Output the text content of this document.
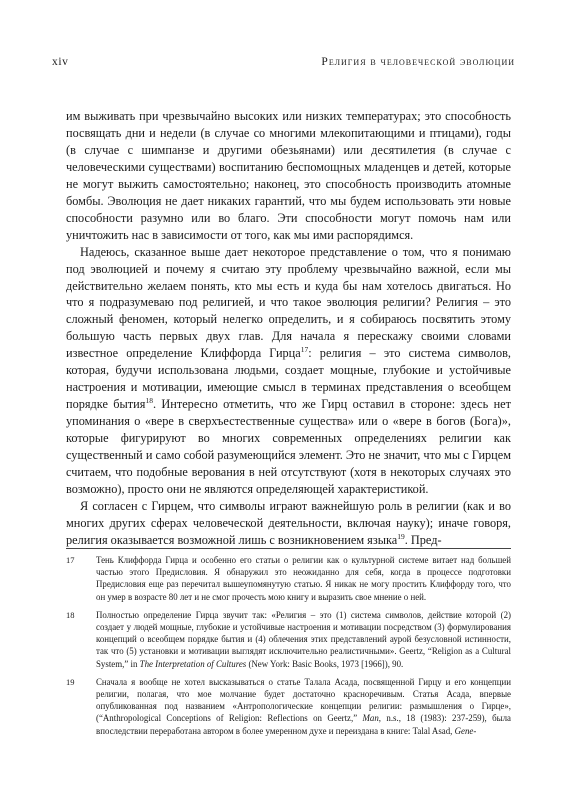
xiv	Религия в человеческой эволюции

им выживать при чрезвычайно высоких или низких температурах; это способность посвящать дни и недели (в случае со многими млекопитающими и птицами), годы (в случае с шимпанзе и другими обезьянами) или десятилетия (в случае с человеческими существами) воспитанию беспомощных младенцев и детей, которые не могут выжить самостоятельно; наконец, это способность производить атомные бомбы. Эволюция не дает никаких гарантий, что мы будем использовать эти новые способности разумно или во благо. Эти способности могут помочь нам или уничтожить нас в зависимости от того, как мы ими распорядимся.

Надеюсь, сказанное выше дает некоторое представление о том, что я понимаю под эволюцией и почему я считаю эту проблему чрезвычайно важной, если мы действительно желаем понять, кто мы есть и куда бы нам хотелось двигаться. Но что я подразумеваю под религией, и что такое эволюция религии? Религия – это сложный феномен, который нелегко определить, и я собираюсь посвятить этому большую часть первых двух глав. Для начала я перескажу своими словами известное определение Клиффорда Гирца$^{17}$: религия – это система символов, которая, будучи использована людьми, создает мощные, глубокие и устойчивые настроения и мотивации, имеющие смысл в терминах представления о всеобщем порядке бытия$^{18}$. Интересно отметить, что же Гирц оставил в стороне: здесь нет упоминания о «вере в сверхъестественные существа» или о «вере в богов (Бога)», которые фигурируют во многих современных определениях религии как существенный и само собой разумеющийся элемент. Это не значит, что мы с Гирцем считаем, что подобные верования в ней отсутствуют (хотя в некоторых случаях это возможно), просто они не являются определяющей характеристикой.

Я согласен с Гирцем, что символы играют важнейшую роль в религии (как и во многих других сферах человеческой деятельности, включая науку); иначе говоря, религия оказывается возможной лишь с возникновением языка$^{19}$. Пред-

17	Тень Клиффорда Гирца и особенно его статьи о религии как о культурной системе витает над большей частью этого Предисловия. Я обнаружил это неожиданно для себя, когда в процессе подготовки Предисловия еще раз перечитал вышеупомянутую статью. Я никак не могу простить Клиффорду того, что он умер в возрасте 80 лет и не смог прочесть мою книгу и выразить свое мнение о ней.
18	Полностью определение Гирца звучит так: «Религия – это (1) система символов, действие которой (2) создает у людей мощные, глубокие и устойчивые настроения и мотивации посредством (3) формулирования концепций о всеобщем порядке бытия и (4) облечения этих представлений аурой безусловной истинности, так что (5) установки и мотивации выглядят исключительно реалистичными». Geertz, “Religion as a Cultural System,” in The Interpretation of Cultures (New York: Basic Books, 1973 [1966]), 90.
19	Сначала я вообще не хотел высказываться о статье Талала Асада, посвященной Гирцу и его концепции религии, полагая, что мое молчание будет достаточно красноречивым. Статья Асада, впервые опубликованная под названием «Антропологические концепции религии: размышления о Гирце», (“Anthropological Conceptions of Religion: Reflections on Geertz,” Man, n.s., 18 (1983): 237-259), была впоследствии переработана автором в более умеренном духе и переиздана в книге: Talal Asad, Gene-
